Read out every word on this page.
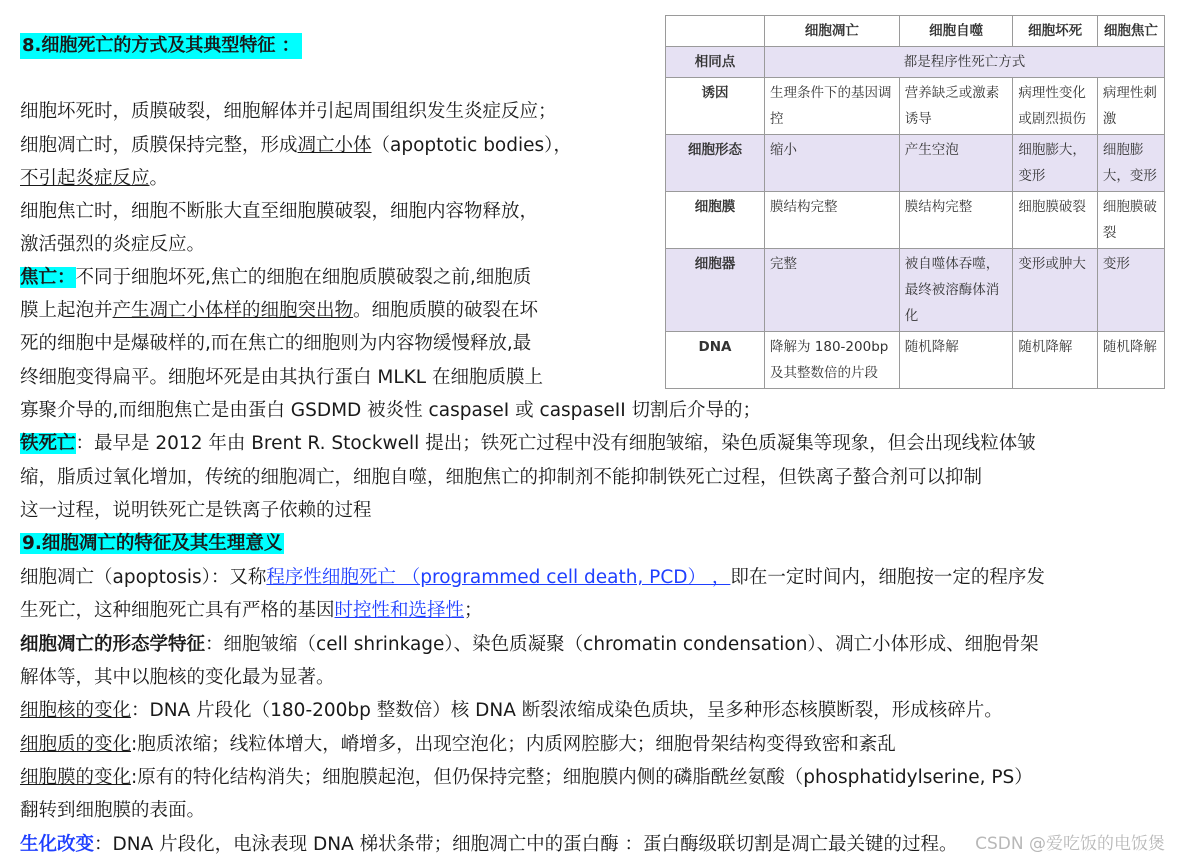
8.细胞死亡的方式及其典型特征 ：
	细胞凋亡	细胞自噬	细胞坏死	细胞焦亡
相同点	都是程序性死亡方式			
诱因	生理条件下的基因调控	营养缺乏或激素诱导	病理性变化或剧烈损伤	病理性刺激
细胞形态	缩小	产生空泡	细胞膨大，变形	细胞膨大，变形
细胞膜	膜结构完整	膜结构完整	细胞膜破裂	细胞膜破裂
细胞器	完整	被自噬体吞噬，最终被溶酶体消化	变形或肿大	变形
DNA	降解为 180-200bp 及其整数倍的片段	随机降解	随机降解	随机降解
细胞坏死时，质膜破裂，细胞解体并引起周围组织发生炎症反应；
细胞凋亡时，质膜保持完整，形成凋亡小体（apoptotic bodies），
不引起炎症反应。
细胞焦亡时，细胞不断胀大直至细胞膜破裂，细胞内容物释放，
激活强烈的炎症反应。
焦亡：不同于细胞坏死,焦亡的细胞在细胞质膜破裂之前,细胞质
膜上起泡并产生凋亡小体样的细胞突出物。细胞质膜的破裂在坏
死的细胞中是爆破样的,而在焦亡的细胞则为内容物缓慢释放,最
终细胞变得扁平。细胞坏死是由其执行蛋白 MLKL 在细胞质膜上
寡聚介导的,而细胞焦亡是由蛋白 GSDMD 被炎性 caspaseI 或 caspaseII 切割后介导的；
铁死亡：最早是 2012 年由 Brent R. Stockwell 提出；铁死亡过程中没有细胞皱缩，染色质凝集等现象，但会出现线粒体皱
缩，脂质过氧化增加，传统的细胞凋亡，细胞自噬，细胞焦亡的抑制剂不能抑制铁死亡过程，但铁离子螯合剂可以抑制
这一过程，说明铁死亡是铁离子依赖的过程
9.细胞凋亡的特征及其生理意义
细胞凋亡（apoptosis）：又称程序性细胞死亡 （programmed cell death, PCD） ，即在一定时间内，细胞按一定的程序发
生死亡，这种细胞死亡具有严格的基因时控性和选择性；
细胞凋亡的形态学特征：细胞皱缩（cell shrinkage）、染色质凝聚（chromatin condensation）、凋亡小体形成、细胞骨架
解体等，其中以胞核的变化最为显著。
细胞核的变化：DNA 片段化（180-200bp 整数倍）核 DNA 断裂浓缩成染色质块，呈多种形态核膜断裂，形成核碎片。
细胞质的变化:胞质浓缩；线粒体增大，嵴增多，出现空泡化；内质网腔膨大；细胞骨架结构变得致密和紊乱
细胞膜的变化:原有的特化结构消失；细胞膜起泡，但仍保持完整；细胞膜内侧的磷脂酰丝氨酸（phosphatidylserine, PS）
翻转到细胞膜的表面。
生化改变：DNA 片段化，电泳表现 DNA 梯状条带；细胞凋亡中的蛋白酶 ：蛋白酶级联切割是凋亡最关键的过程。 CSDN @爱吃饭的电饭煲
